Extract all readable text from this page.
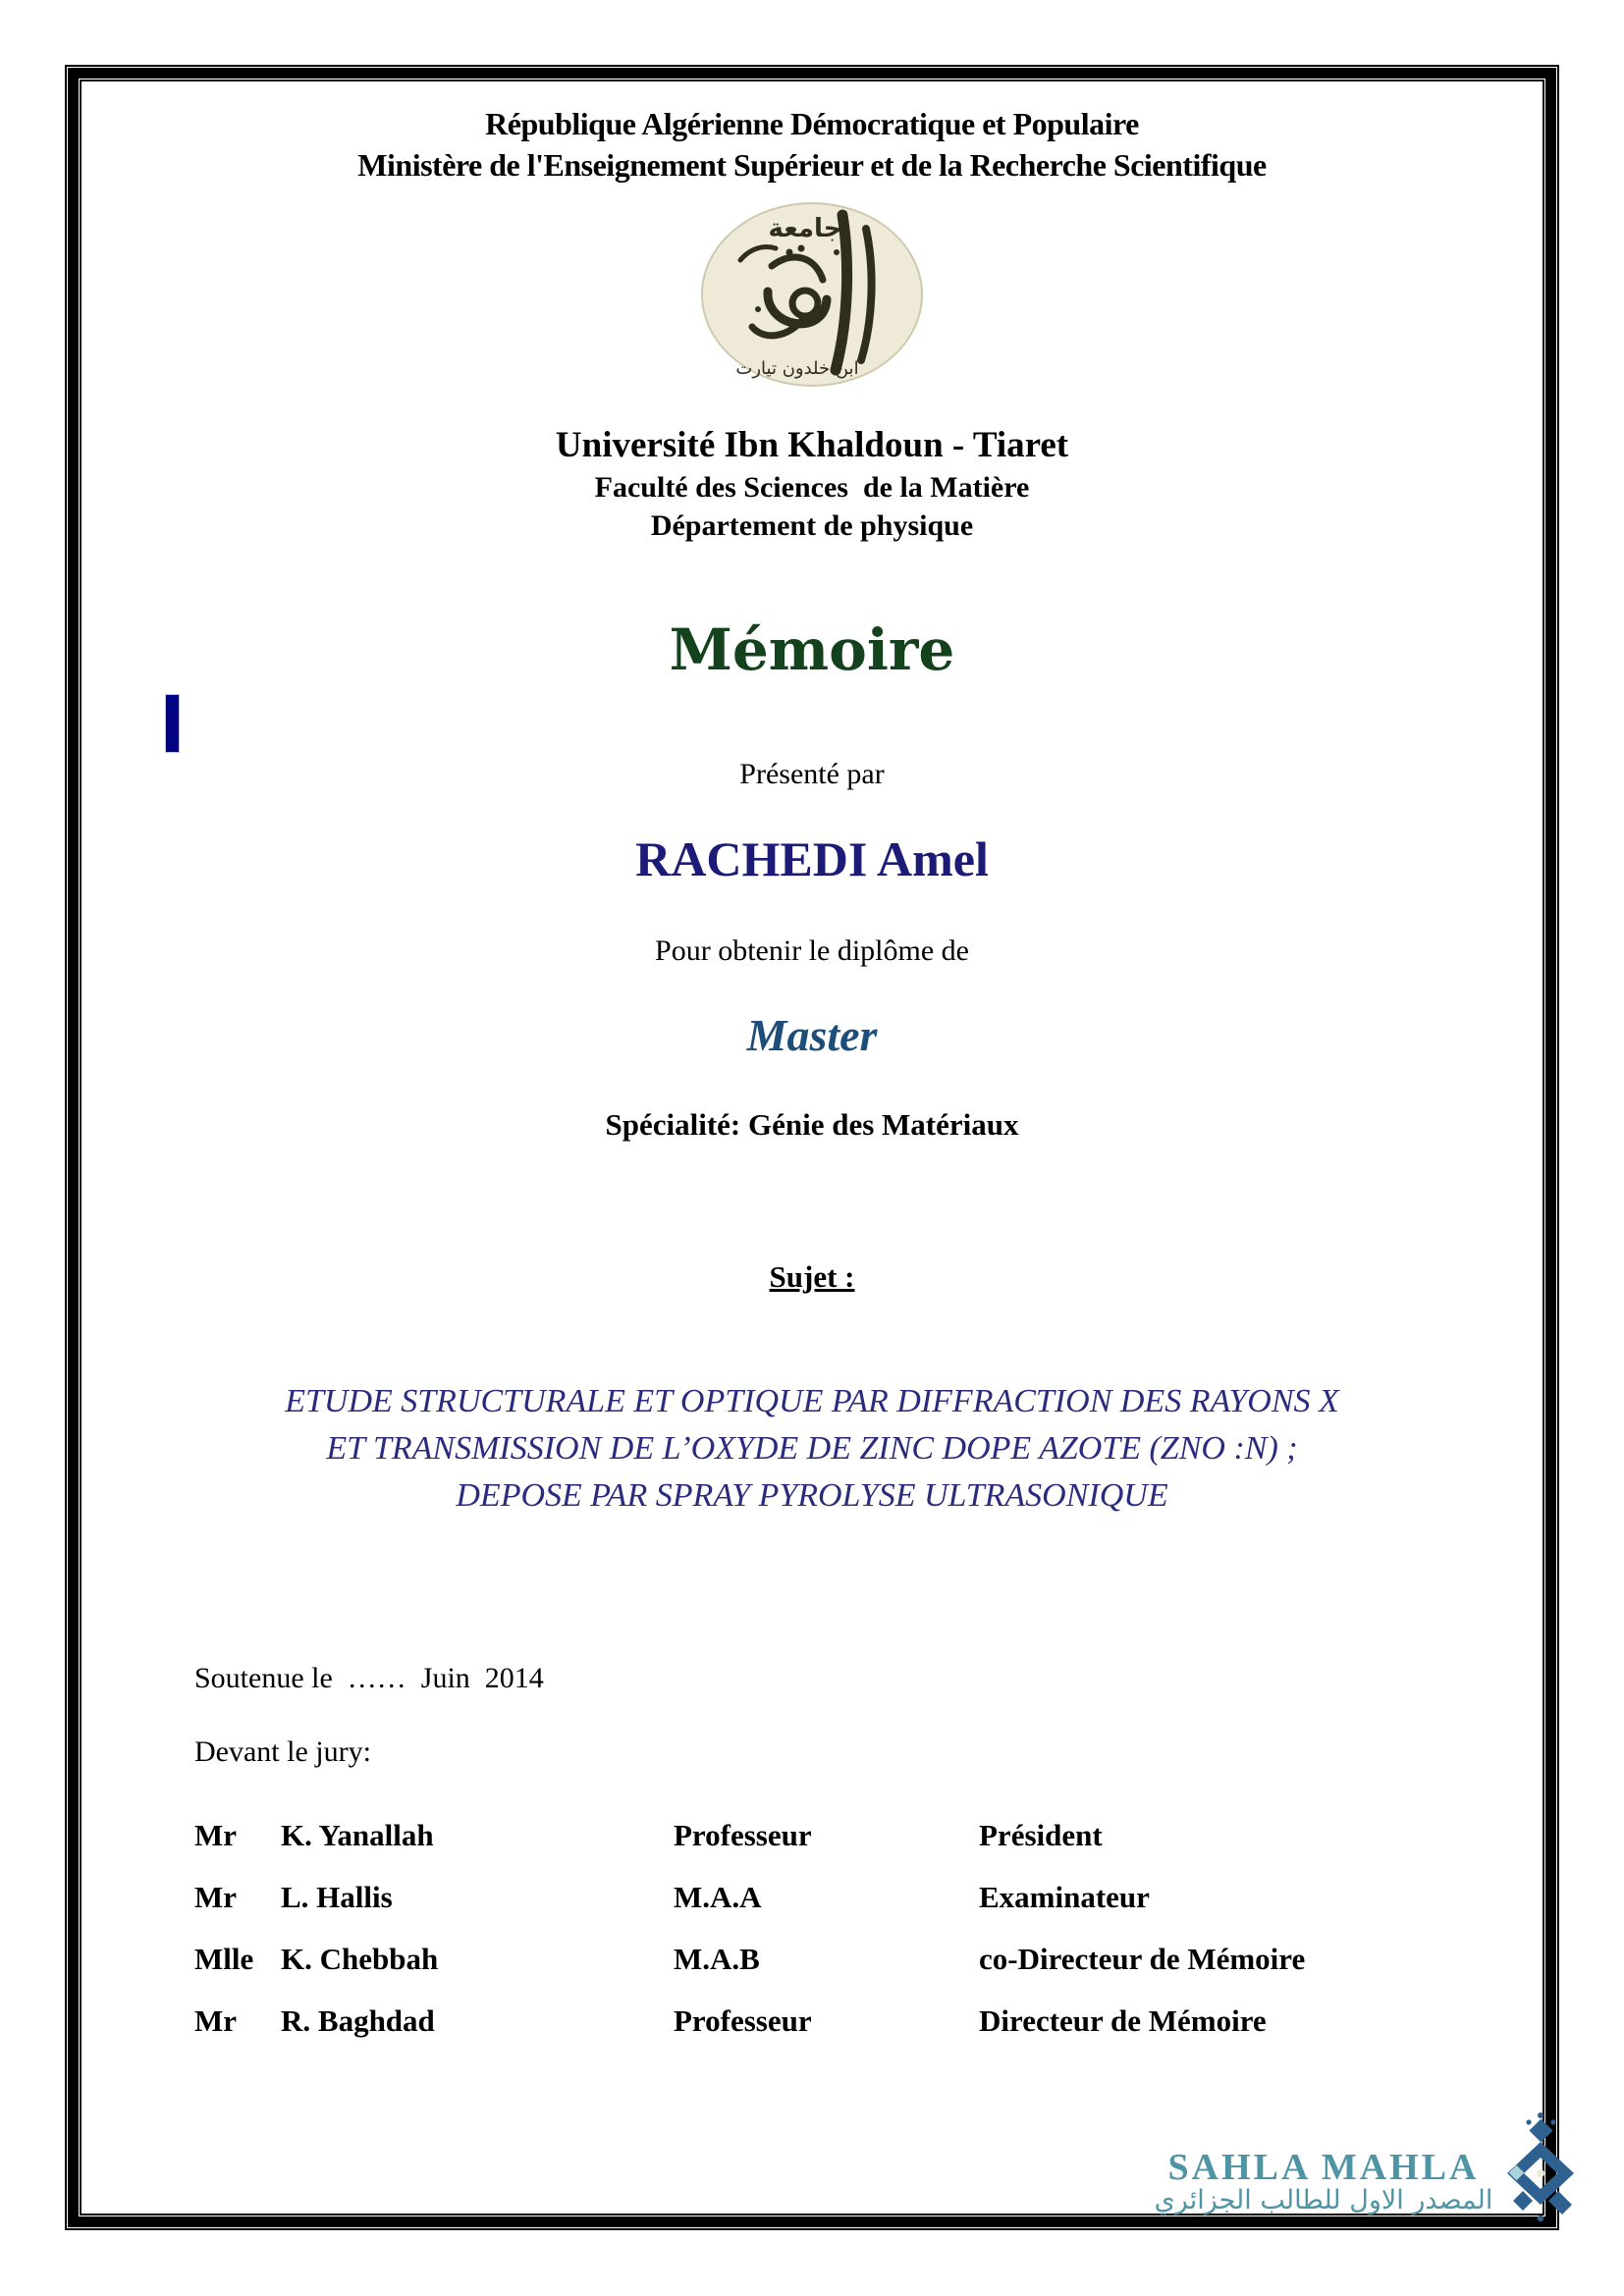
République Algérienne Démocratique et Populaire
Ministère de l'Enseignement Supérieur et de la Recherche Scientifique
جامعة
ابن خلدون تيارت
Université Ibn Khaldoun - Tiaret
Faculté des Sciences  de la Matière
Département de physique
Mémoire
Présenté par
RACHEDI Amel
Pour obtenir le diplôme de
Master
Spécialité: Génie des Matériaux
Sujet :
ETUDE STRUCTURALE ET OPTIQUE PAR DIFFRACTION DES RAYONS X
ET TRANSMISSION DE L’OXYDE DE ZINC DOPE AZOTE (ZNO :N) ;
DEPOSE PAR SPRAY PYROLYSE ULTRASONIQUE
Soutenue le  ……  Juin  2014
Devant le jury:
Mr	K. Yanallah	Professeur	Président
Mr	L. Hallis	M.A.A	Examinateur
Mlle K. Chebbah	M.A.B	co-Directeur de Mémoire
Mr	R. Baghdad	Professeur	Directeur de Mémoire
SAHLA MAHLA
المصدر الاول للطالب الجزائري
